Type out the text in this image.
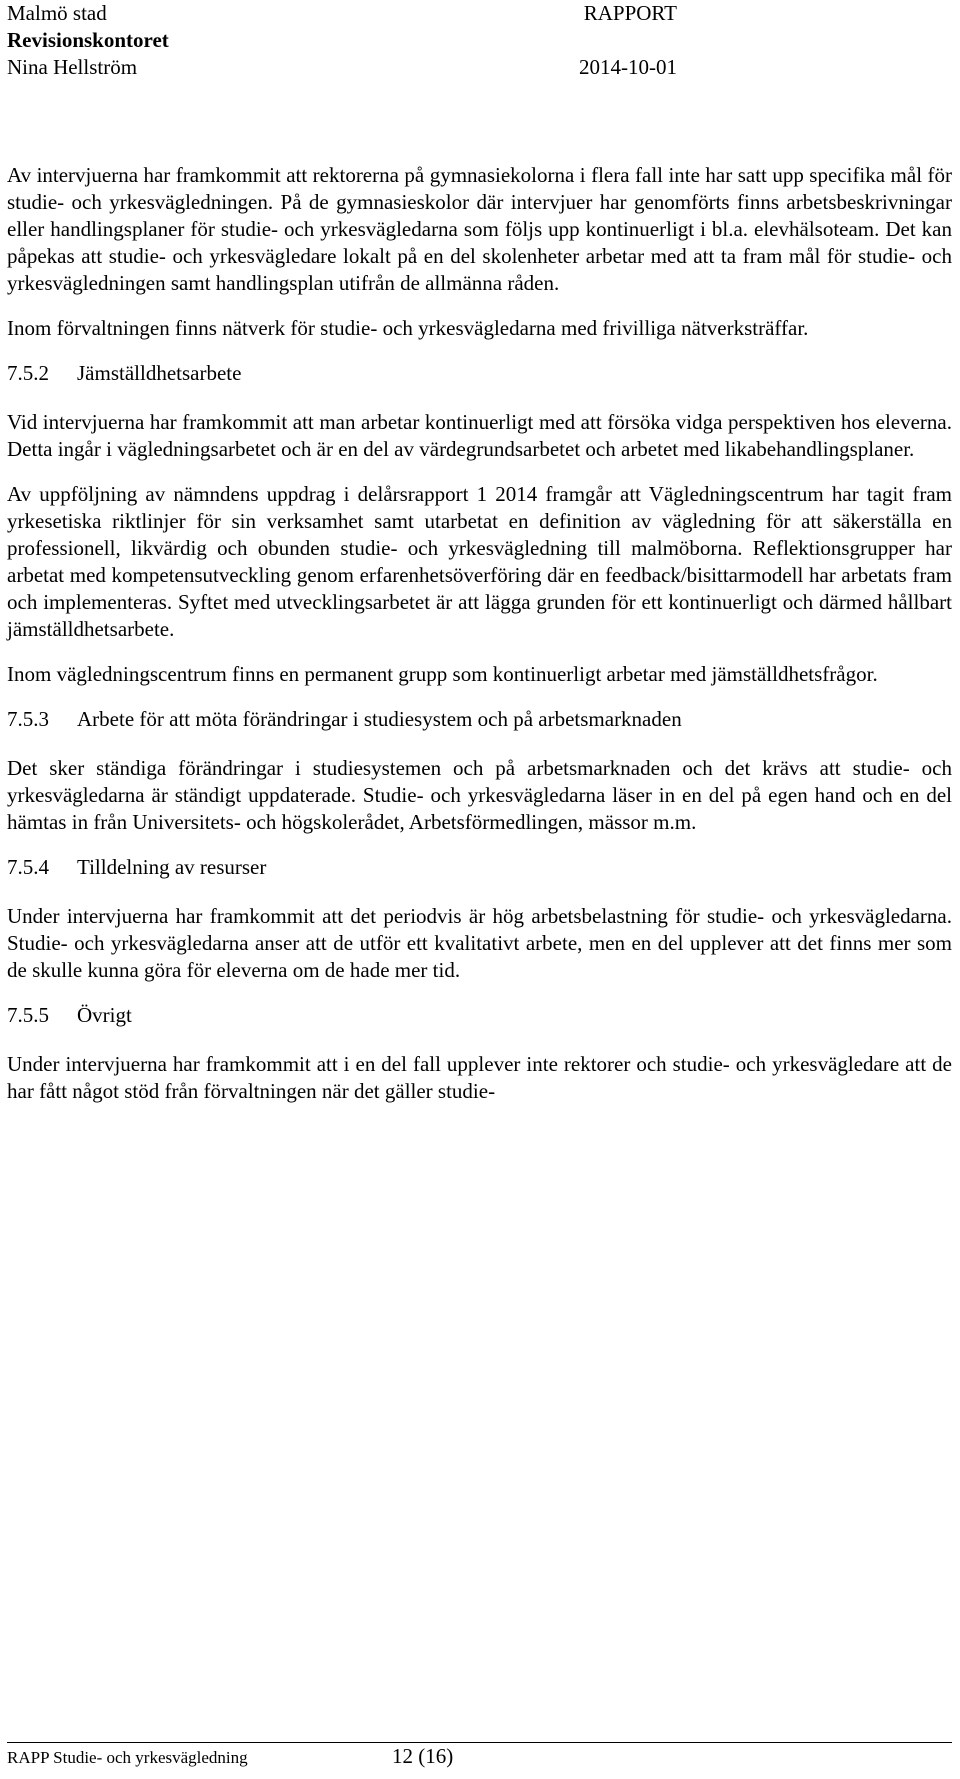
Malmö stad	RAPPORT
Revisionskontoret
Nina Hellström	2014-10-01

Av intervjuerna har framkommit att rektorerna på gymnasiekolorna i flera fall inte har satt upp specifika mål för studie- och yrkesvägledningen. På de gymnasieskolor där intervjuer har genomförts finns arbetsbeskrivningar eller handlingsplaner för studie- och yrkesvägledarna som följs upp kontinuerligt i bl.a. elevhälsoteam. Det kan påpekas att studie- och yrkesvägledare lokalt på en del skolenheter arbetar med att ta fram mål för studie- och yrkesvägledningen samt handlingsplan utifrån de allmänna råden.

Inom förvaltningen finns nätverk för studie- och yrkesvägledarna med frivilliga nätverksträffar.

7.5.2	Jämställdhetsarbete

Vid intervjuerna har framkommit att man arbetar kontinuerligt med att försöka vidga perspektiven hos eleverna. Detta ingår i vägledningsarbetet och är en del av värdegrundsarbetet och arbetet med likabehandlingsplaner.

Av uppföljning av nämndens uppdrag i delårsrapport 1 2014 framgår att Vägledningscentrum har tagit fram yrkesetiska riktlinjer för sin verksamhet samt utarbetat en definition av vägledning för att säkerställa en professionell, likvärdig och obunden studie- och yrkesvägledning till malmöborna. Reflektionsgrupper har arbetat med kompetensutveckling genom erfarenhetsöverföring där en feedback/bisittarmodell har arbetats fram och implementeras. Syftet med utvecklingsarbetet är att lägga grunden för ett kontinuerligt och därmed hållbart jämställdhetsarbete.

Inom vägledningscentrum finns en permanent grupp som kontinuerligt arbetar med jämställdhetsfrågor.

7.5.3	Arbete för att möta förändringar i studiesystem och på arbetsmarknaden

Det sker ständiga förändringar i studiesystemen och på arbetsmarknaden och det krävs att studie- och yrkesvägledarna är ständigt uppdaterade. Studie- och yrkesvägledarna läser in en del på egen hand och en del hämtas in från Universitets- och högskolerådet, Arbetsförmedlingen, mässor m.m.

7.5.4	Tilldelning av resurser

Under intervjuerna har framkommit att det periodvis är hög arbetsbelastning för studie- och yrkesvägledarna. Studie- och yrkesvägledarna anser att de utför ett kvalitativt arbete, men en del upplever att det finns mer som de skulle kunna göra för eleverna om de hade mer tid.

7.5.5	Övrigt

Under intervjuerna har framkommit att i en del fall upplever inte rektorer och studie- och yrkesvägledare att de har fått något stöd från förvaltningen när det gäller studie-

RAPP Studie- och yrkesvägledning	12 (16)
